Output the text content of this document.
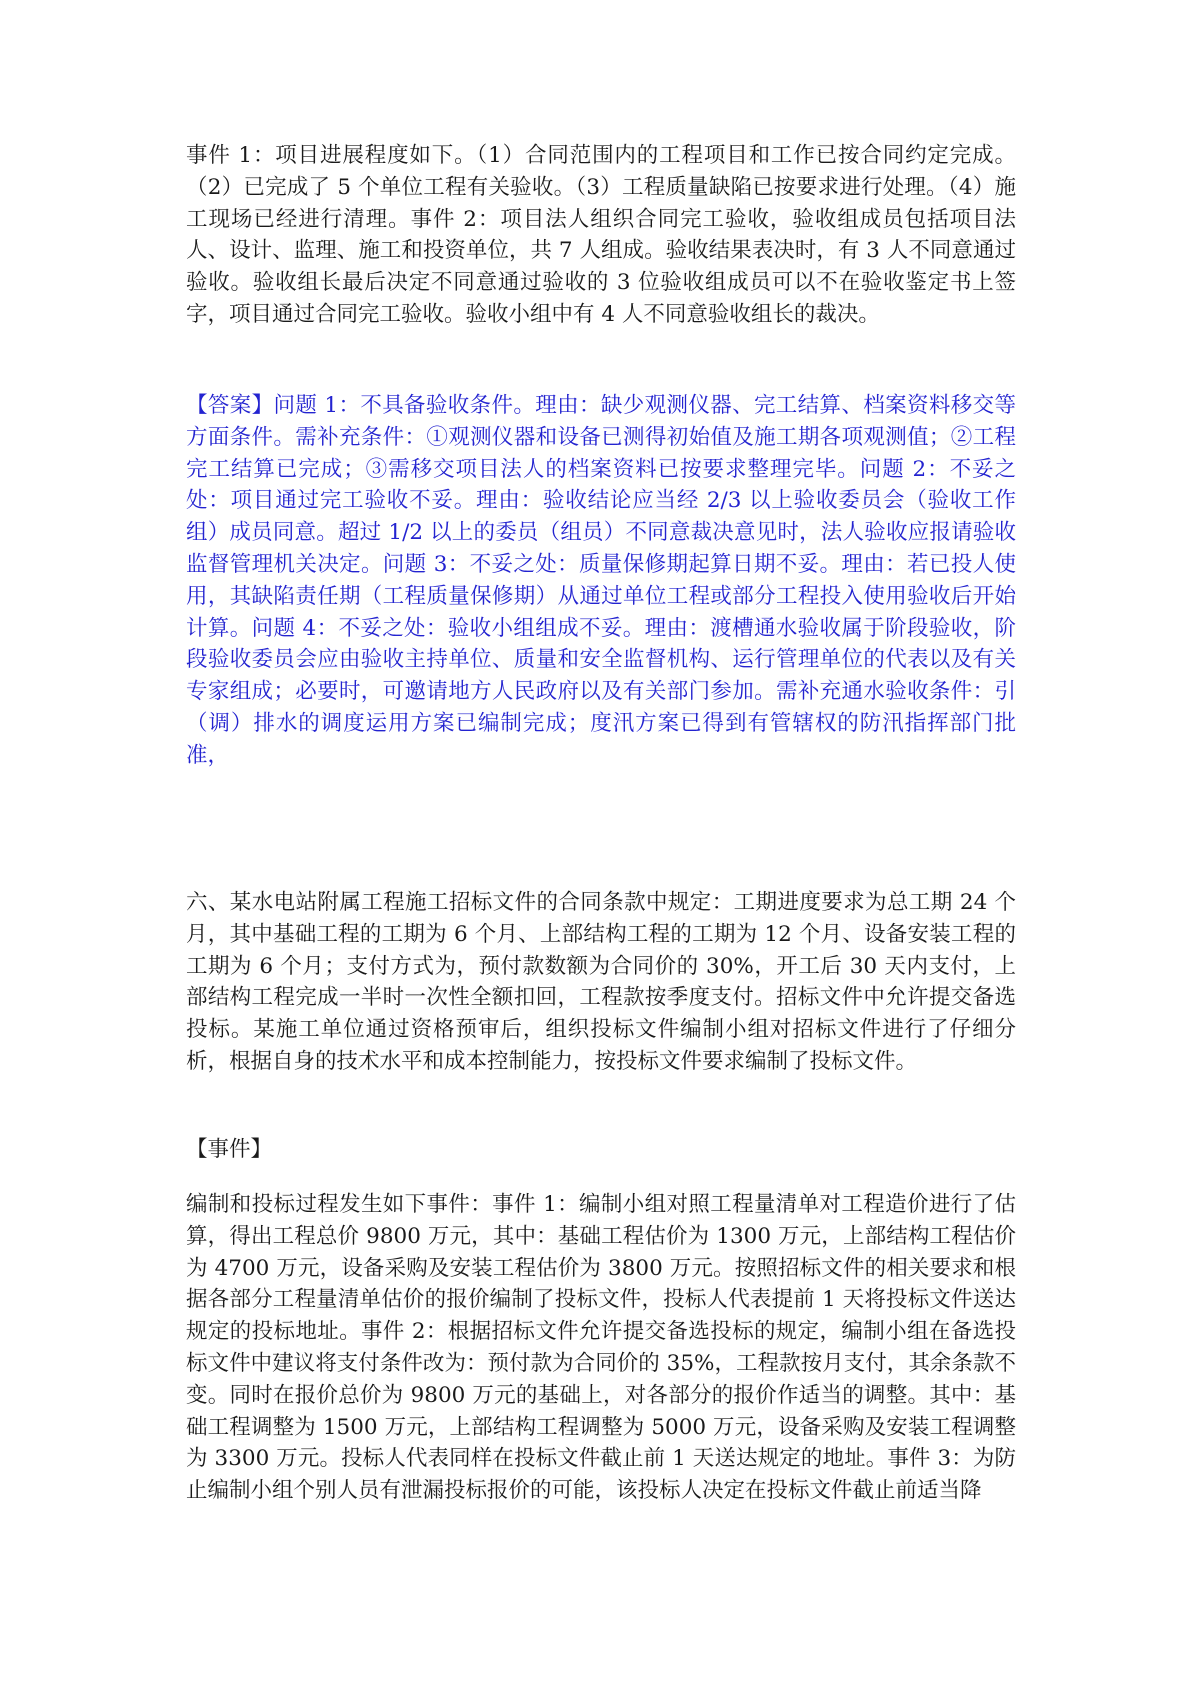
事件 1：项目进展程度如下。（1）合同范围内的工程项目和工作已按合同约定完成。（2）已完成了 5 个单位工程有关验收。（3）工程质量缺陷已按要求进行处理。（4）施工现场已经进行清理。事件 2：项目法人组织合同完工验收，验收组成员包括项目法人、设计、监理、施工和投资单位，共 7 人组成。验收结果表决时，有 3 人不同意通过验收。验收组长最后决定不同意通过验收的 3 位验收组成员可以不在验收鉴定书上签字，项目通过合同完工验收。验收小组中有 4 人不同意验收组长的裁决。

【答案】问题 1：不具备验收条件。理由：缺少观测仪器、完工结算、档案资料移交等方面条件。需补充条件：①观测仪器和设备已测得初始值及施工期各项观测值；②工程完工结算已完成；③需移交项目法人的档案资料已按要求整理完毕。问题 2：不妥之处：项目通过完工验收不妥。理由：验收结论应当经 2/3 以上验收委员会（验收工作组）成员同意。超过 1/2 以上的委员（组员）不同意裁决意见时，法人验收应报请验收监督管理机关决定。问题 3：不妥之处：质量保修期起算日期不妥。理由：若已投人使用，其缺陷责任期（工程质量保修期）从通过单位工程或部分工程投入使用验收后开始计算。问题 4：不妥之处：验收小组组成不妥。理由：渡槽通水验收属于阶段验收，阶段验收委员会应由验收主持单位、质量和安全监督机构、运行管理单位的代表以及有关专家组成；必要时，可邀请地方人民政府以及有关部门参加。需补充通水验收条件：引（调）排水的调度运用方案已编制完成；度汛方案已得到有管辖权的防汛指挥部门批准，

六、某水电站附属工程施工招标文件的合同条款中规定：工期进度要求为总工期 24 个月，其中基础工程的工期为 6 个月、上部结构工程的工期为 12 个月、设备安装工程的工期为 6 个月；支付方式为，预付款数额为合同价的 30%，开工后 30 天内支付，上部结构工程完成一半时一次性全额扣回，工程款按季度支付。招标文件中允许提交备选投标。某施工单位通过资格预审后，组织投标文件编制小组对招标文件进行了仔细分析，根据自身的技术水平和成本控制能力，按投标文件要求编制了投标文件。

【事件】

编制和投标过程发生如下事件：事件 1：编制小组对照工程量清单对工程造价进行了估算，得出工程总价 9800 万元，其中：基础工程估价为 1300 万元，上部结构工程估价为 4700 万元，设备采购及安装工程估价为 3800 万元。按照招标文件的相关要求和根据各部分工程量清单估价的报价编制了投标文件，投标人代表提前 1 天将投标文件送达规定的投标地址。事件 2：根据招标文件允许提交备选投标的规定，编制小组在备选投标文件中建议将支付条件改为：预付款为合同价的 35%，工程款按月支付，其余条款不变。同时在报价总价为 9800 万元的基础上，对各部分的报价作适当的调整。其中：基础工程调整为 1500 万元，上部结构工程调整为 5000 万元，设备采购及安装工程调整为 3300 万元。投标人代表同样在投标文件截止前 1 天送达规定的地址。事件 3：为防止编制小组个别人员有泄漏投标报价的可能，该投标人决定在投标文件截止前适当降
